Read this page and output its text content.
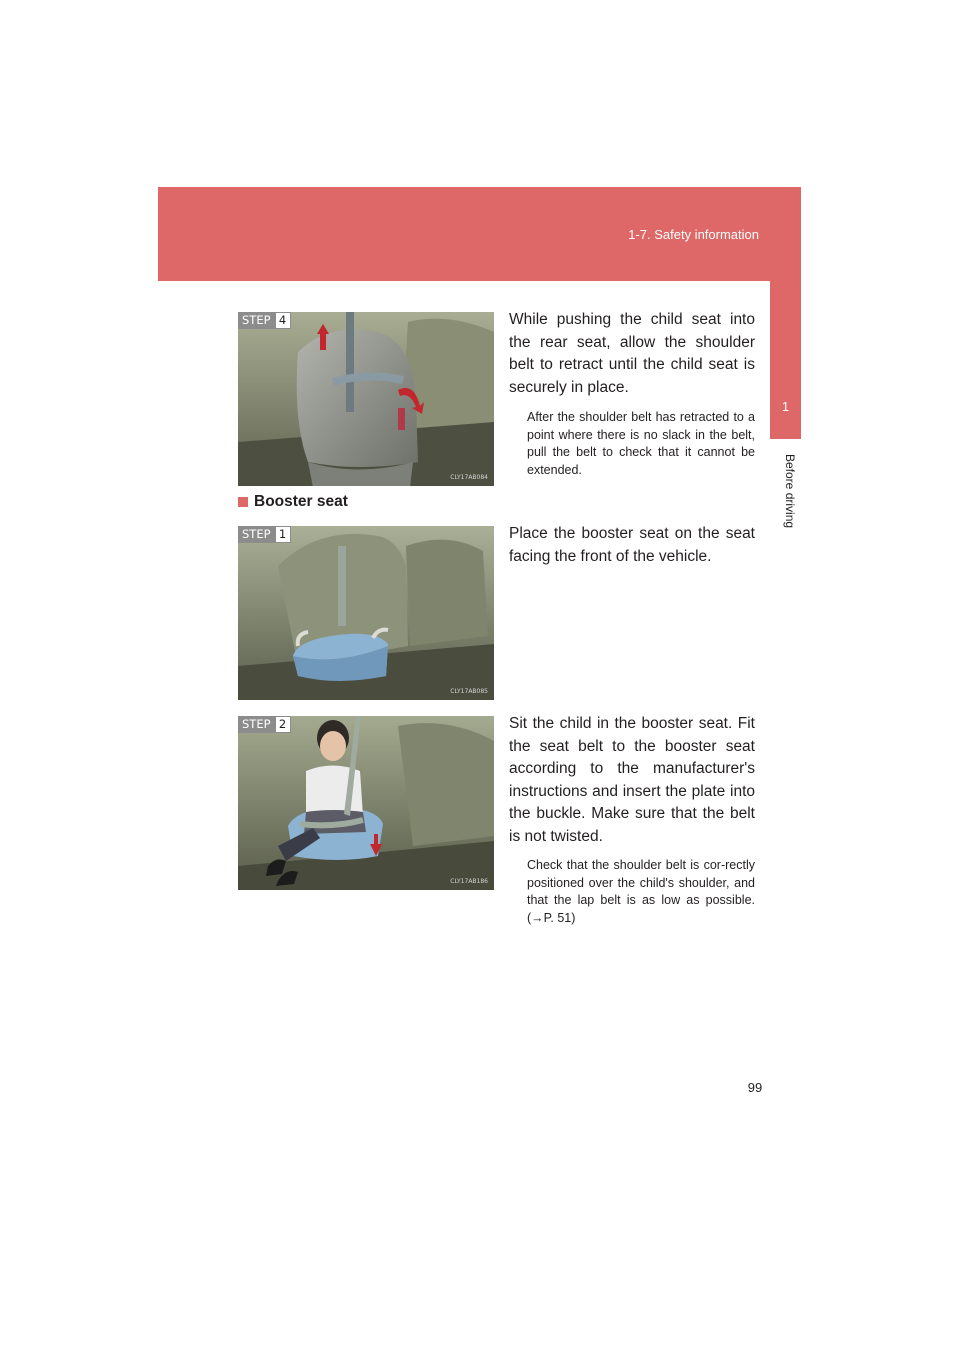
1-7. Safety information
1
Before driving
STEP 4
CLY17AB084

While pushing the child seat into the rear seat, allow the shoulder belt to retract until the child seat is securely in place.

After the shoulder belt has retracted to a point where there is no slack in the belt, pull the belt to check that it cannot be extended.

Booster seat
STEP 1
CLY17AB085

Place the booster seat on the seat facing the front of the vehicle.

STEP 2
CLY17AB186

Sit the child in the booster seat. Fit the seat belt to the booster seat according to the manufacturer's instructions and insert the plate into the buckle. Make sure that the belt is not twisted.

Check that the shoulder belt is cor-rectly positioned over the child's shoulder, and that the lap belt is as low as possible. (→P. 51)

99
